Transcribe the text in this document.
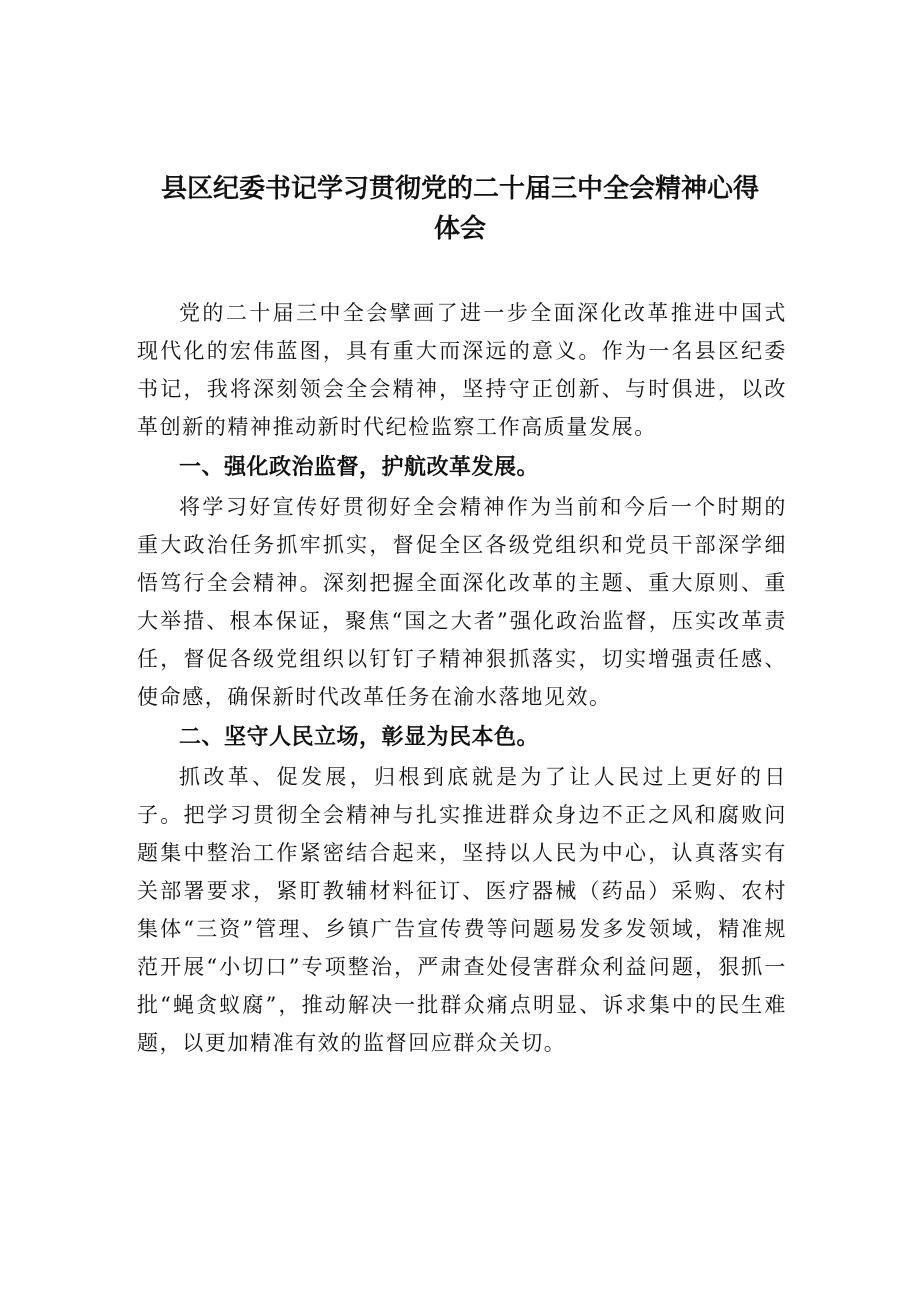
县区纪委书记学习贯彻党的二十届三中全会精神心得
体会

党的二十届三中全会擘画了进一步全面深化改革推进中国式现代化的宏伟蓝图，具有重大而深远的意义。作为一名县区纪委书记，我将深刻领会全会精神，坚持守正创新、与时俱进，以改革创新的精神推动新时代纪检监察工作高质量发展。

一、强化政治监督，护航改革发展。

将学习好宣传好贯彻好全会精神作为当前和今后一个时期的重大政治任务抓牢抓实，督促全区各级党组织和党员干部深学细悟笃行全会精神。深刻把握全面深化改革的主题、重大原则、重大举措、根本保证，聚焦“国之大者”强化政治监督，压实改革责任，督促各级党组织以钉钉子精神狠抓落实，切实增强责任感、使命感，确保新时代改革任务在渝水落地见效。

二、坚守人民立场，彰显为民本色。

抓改革、促发展，归根到底就是为了让人民过上更好的日子。把学习贯彻全会精神与扎实推进群众身边不正之风和腐败问题集中整治工作紧密结合起来，坚持以人民为中心，认真落实有关部署要求，紧盯教辅材料征订、医疗器械（药品）采购、农村集体“三资”管理、乡镇广告宣传费等问题易发多发领域，精准规范开展“小切口”专项整治，严肃查处侵害群众利益问题，狠抓一批“蝇贪蚁腐”，推动解决一批群众痛点明显、诉求集中的民生难题，以更加精准有效的监督回应群众关切。
